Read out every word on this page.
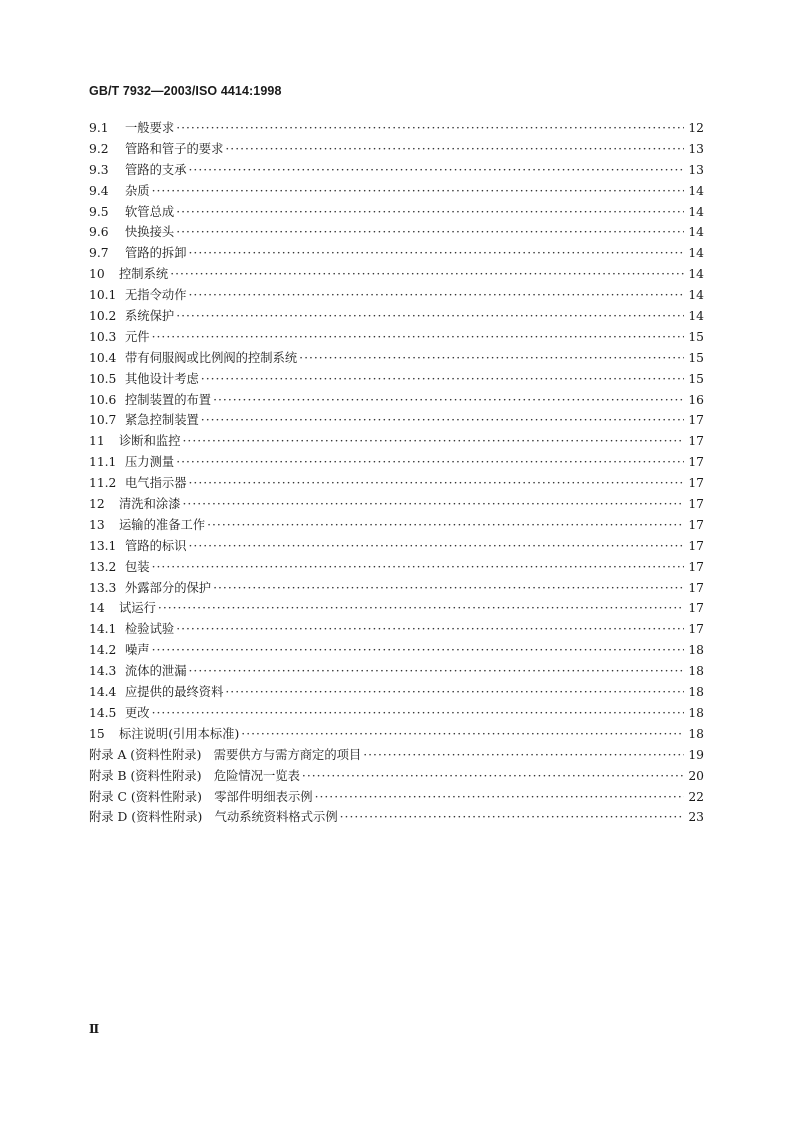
GB/T 7932—2003/ISO 4414:1998
9.1	一般要求 ·····	12
9.2	管路和管子的要求 ·····	13
9.3	管路的支承 ·····	13
9.4	杂质 ·····	14
9.5	软管总成 ·····	14
9.6	快换接头 ·····	14
9.7	管路的拆卸 ·····	14
10	控制系统 ·····	14
10.1 无指令动作 ·····	14
10.2 系统保护 ·····	14
10.3 元件 ·····	15
10.4 带有伺服阀或比例阀的控制系统 ·····	15
10.5 其他设计考虑 ·····	15
10.6 控制装置的布置 ·····	16
10.7 紧急控制装置 ·····	17
11	诊断和监控 ·····	17
11.1 压力测量 ·····	17
11.2 电气指示器 ·····	17
12	清洗和涂漆 ·····	17
13	运输的准备工作 ·····	17
13.1 管路的标识 ·····	17
13.2 包装 ·····	17
13.3 外露部分的保护 ·····	17
14	试运行 ·····	17
14.1 检验试验 ·····	17
14.2 噪声 ·····	18
14.3 流体的泄漏 ·····	18
14.4 应提供的最终资料 ·····	18
14.5 更改 ·····	18
15	标注说明(引用本标准) ·····	18
附录 A (资料性附录)　需要供方与需方商定的项目 ·····	19
附录 B (资料性附录)　危险情况一览表 ·····	20
附录 C (资料性附录)　零部件明细表示例 ·····	22
附录 D (资料性附录)　气动系统资料格式示例 ·····	23
Ⅱ
